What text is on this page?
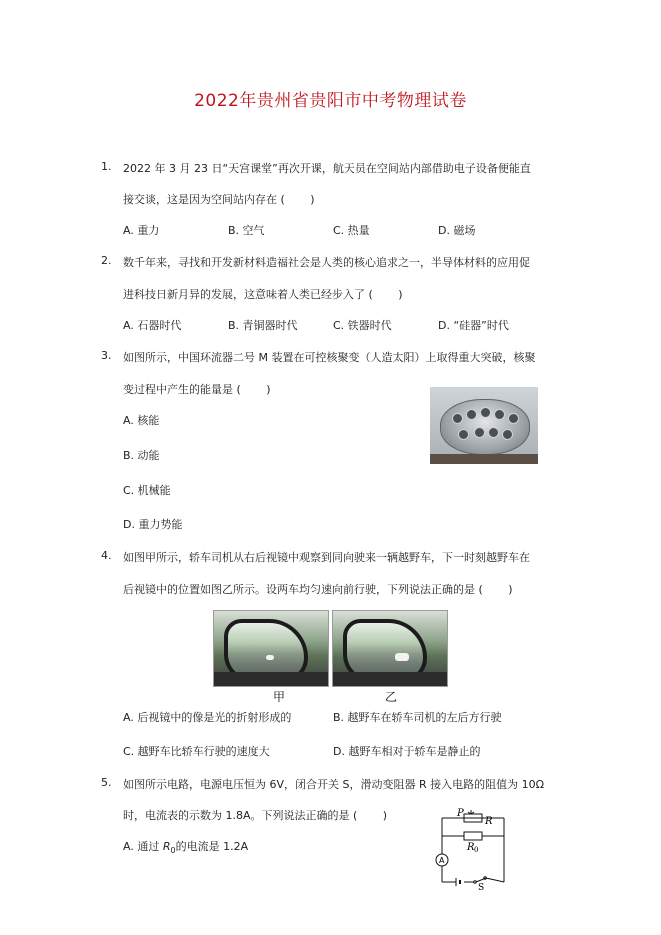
2022年贵州省贵阳市中考物理试卷
1. 2022 年 3 月 23 日“天宫课堂”再次开课，航天员在空间站内部借助电子设备便能直
接交谈，这是因为空间站内存在 (　　 )
A. 重力	B. 空气	C. 热量	D. 磁场
2. 数千年来，寻找和开发新材料造福社会是人类的核心追求之一，半导体材料的应用促
进科技日新月异的发展，这意味着人类已经步入了 (　　 )
A. 石器时代	B. 青铜器时代	C. 铁器时代	D. “硅器”时代
3. 如图所示，中国环流器二号 M 装置在可控核聚变（人造太阳）上取得重大突破，核聚
变过程中产生的能量是 (　　 )
A. 核能
B. 动能
C. 机械能
D. 重力势能
4. 如图甲所示，轿车司机从右后视镜中观察到同向驶来一辆越野车，下一时刻越野车在
后视镜中的位置如图乙所示。设两车均匀速向前行驶，下列说法正确的是 (　　 )
甲	乙
A. 后视镜中的像是光的折射形成的	B. 越野车在轿车司机的左后方行驶
C. 越野车比轿车行驶的速度大	D. 越野车相对于轿车是静止的
5. 如图所示电路，电源电压恒为 6V，闭合开关 S，滑动变阻器 R 接入电路的阻值为 10Ω
时，电流表的示数为 1.8A。下列说法正确的是 (　　 )
A. 通过 $R_0$的电流是 1.2A
P
R
R 0
A
S
